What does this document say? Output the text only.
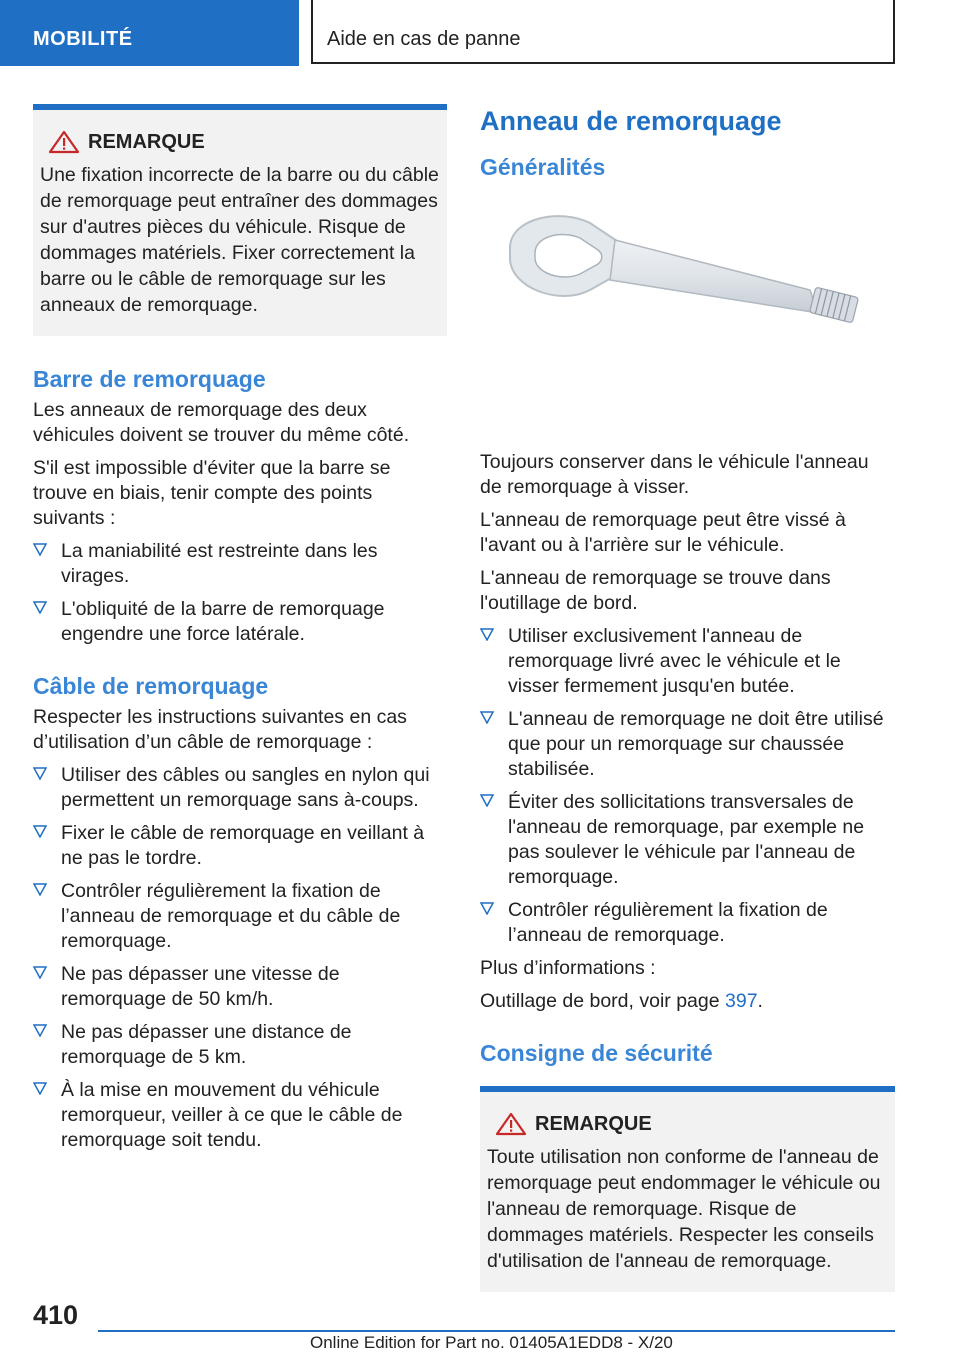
MOBILITÉ	Aide en cas de panne
REMARQUE
Une fixation incorrecte de la barre ou du câble de remorquage peut entraîner des dommages sur d'autres pièces du véhicule. Risque de dommages matériels. Fixer correctement la barre ou le câble de remorquage sur les anneaux de remorquage.
Barre de remorquage

Les anneaux de remorquage des deux véhicules doivent se trouver du même côté.

S'il est impossible d'éviter que la barre se trouve en biais, tenir compte des points suivants :

La maniabilité est restreinte dans les virages.
L'obliquité de la barre de remorquage engendre une force latérale.
Câble de remorquage

Respecter les instructions suivantes en cas d’utilisation d’un câble de remorquage :

Utiliser des câbles ou sangles en nylon qui permettent un remorquage sans à-coups.
Fixer le câble de remorquage en veillant à ne pas le tordre.
Contrôler régulièrement la fixation de l’anneau de remorquage et du câble de remorquage.
Ne pas dépasser une vitesse de remorquage de 50 km/h.
Ne pas dépasser une distance de remorquage de 5 km.
À la mise en mouvement du véhicule remorqueur, veiller à ce que le câble de remorquage soit tendu.
Anneau de remorquage
Généralités

Toujours conserver dans le véhicule l'anneau de remorquage à visser.

L'anneau de remorquage peut être vissé à l'avant ou à l'arrière sur le véhicule.

L'anneau de remorquage se trouve dans l'outillage de bord.

Utiliser exclusivement l'anneau de remorquage livré avec le véhicule et le visser fermement jusqu'en butée.
L'anneau de remorquage ne doit être utilisé que pour un remorquage sur chaussée stabilisée.
Éviter des sollicitations transversales de l'anneau de remorquage, par exemple ne pas soulever le véhicule par l'anneau de remorquage.
Contrôler régulièrement la fixation de l’anneau de remorquage.

Plus d’informations :

Outillage de bord, voir page 397.

Consigne de sécurité
REMARQUE
Toute utilisation non conforme de l'anneau de remorquage peut endommager le véhicule ou l'anneau de remorquage. Risque de dommages matériels. Respecter les conseils d'utilisation de l'anneau de remorquage.
410
Online Edition for Part no. 01405A1EDD8 - X/20
